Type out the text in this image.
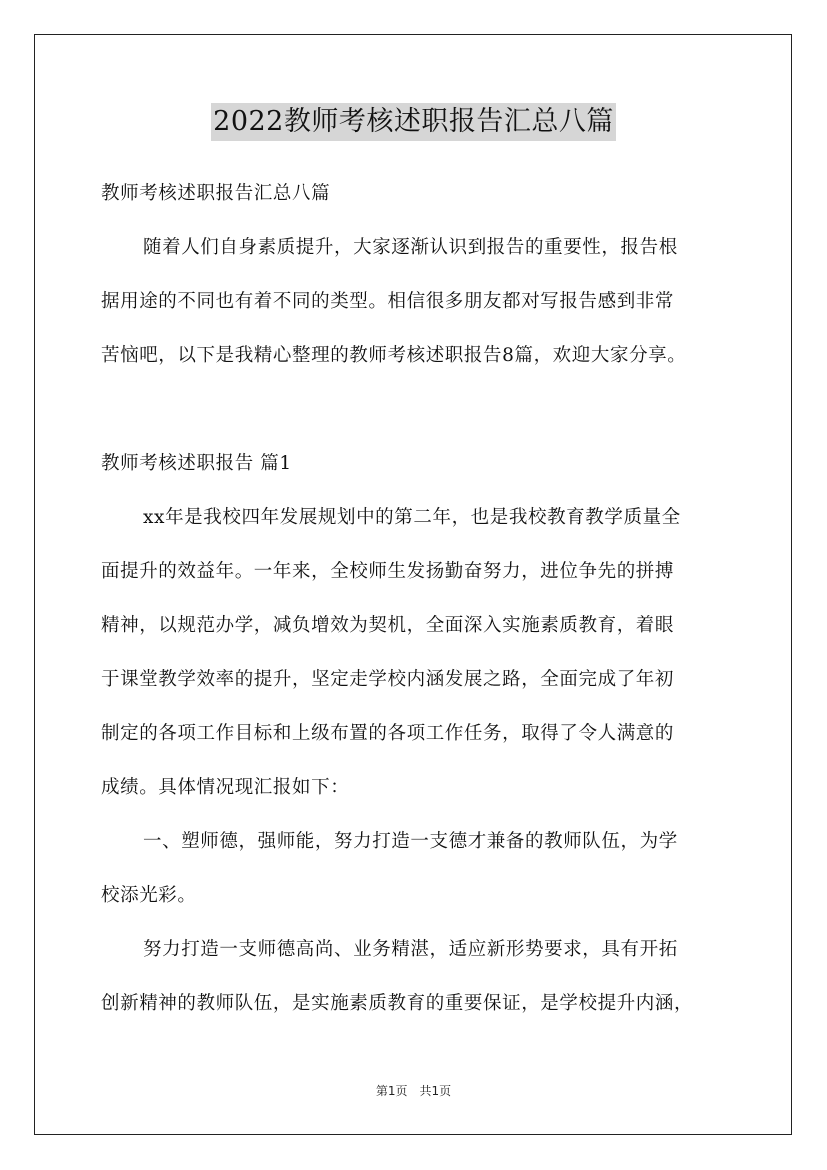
2022教师考核述职报告汇总八篇
教师考核述职报告汇总八篇
随着人们自身素质提升，大家逐渐认识到报告的重要性，报告根
据用途的不同也有着不同的类型。相信很多朋友都对写报告感到非常
苦恼吧，以下是我精心整理的教师考核述职报告8篇，欢迎大家分享。
教师考核述职报告 篇1
xx年是我校四年发展规划中的第二年，也是我校教育教学质量全
面提升的效益年。一年来，全校师生发扬勤奋努力，进位争先的拼搏
精神，以规范办学，减负增效为契机，全面深入实施素质教育，着眼
于课堂教学效率的提升，坚定走学校内涵发展之路，全面完成了年初
制定的各项工作目标和上级布置的各项工作任务，取得了令人满意的
成绩。具体情况现汇报如下：
一、塑师德，强师能，努力打造一支德才兼备的教师队伍，为学
校添光彩。
努力打造一支师德高尚、业务精湛，适应新形势要求，具有开拓
创新精神的教师队伍，是实施素质教育的重要保证，是学校提升内涵，
第1页 共1页
